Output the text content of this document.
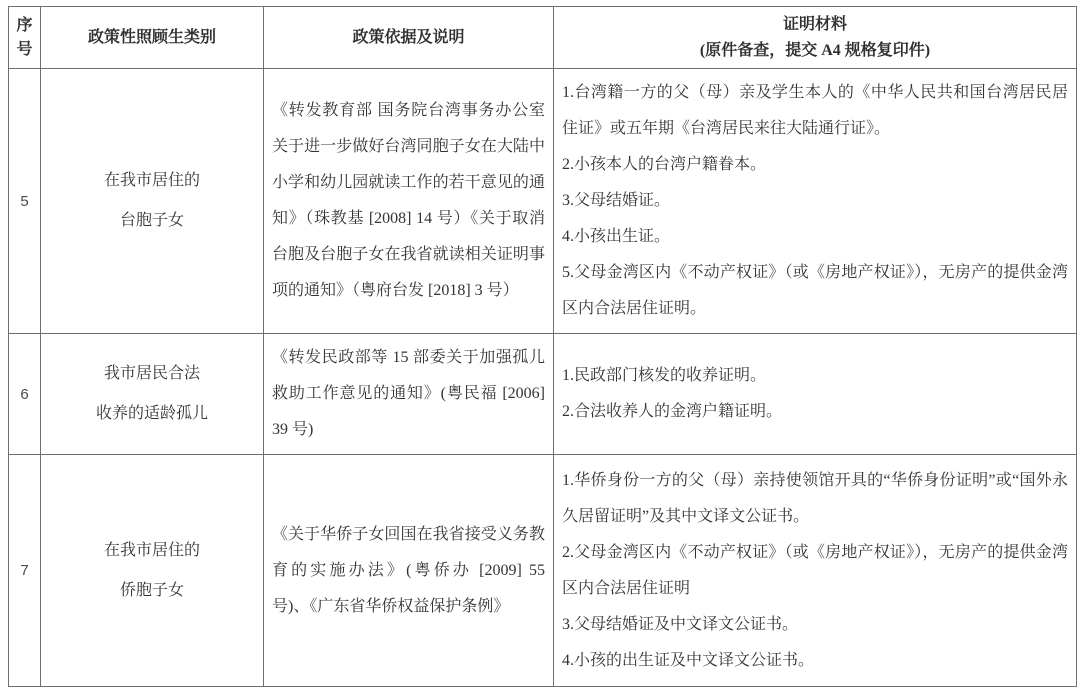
序号	政策性照顾生类别	政策依据及说明	证明材料
(原件备查，提交 A4 规格复印件)

5	
在我市居住的
台胞子女
	《转发教育部 国务院台湾事务办公室关于进一步做好台湾同胞子女在大陆中小学和幼儿园就读工作的若干意见的通知》（珠教基 [2008] 14 号）《关于取消台胞及台胞子女在我省就读相关证明事项的通知》（粤府台发 [2018] 3 号）	
1.台湾籍一方的父（母）亲及学生本人的《中华人民共和国台湾居民居住证》或五年期《台湾居民来往大陆通行证》。
2.小孩本人的台湾户籍眷本。
3.父母结婚证。
4.小孩出生证。
5.父母金湾区内《不动产权证》（或《房地产权证》），无房产的提供金湾区内合法居住证明。

6	
我市居民合法
收养的适龄孤儿
	《转发民政部等 15 部委关于加强孤儿救助工作意见的通知》(粤民福 [2006] 39 号)	
1.民政部门核发的收养证明。
2.合法收养人的金湾户籍证明。

7	
在我市居住的
侨胞子女
	《关于华侨子女回国在我省接受义务教育的实施办法》(粤侨办 [2009] 55 号)、《广东省华侨权益保护条例》	
1.华侨身份一方的父（母）亲持使领馆开具的“华侨身份证明”或“国外永久居留证明”及其中文译文公证书。
2.父母金湾区内《不动产权证》（或《房地产权证》），无房产的提供金湾区内合法居住证明
3.父母结婚证及中文译文公证书。
4.小孩的出生证及中文译文公证书。
